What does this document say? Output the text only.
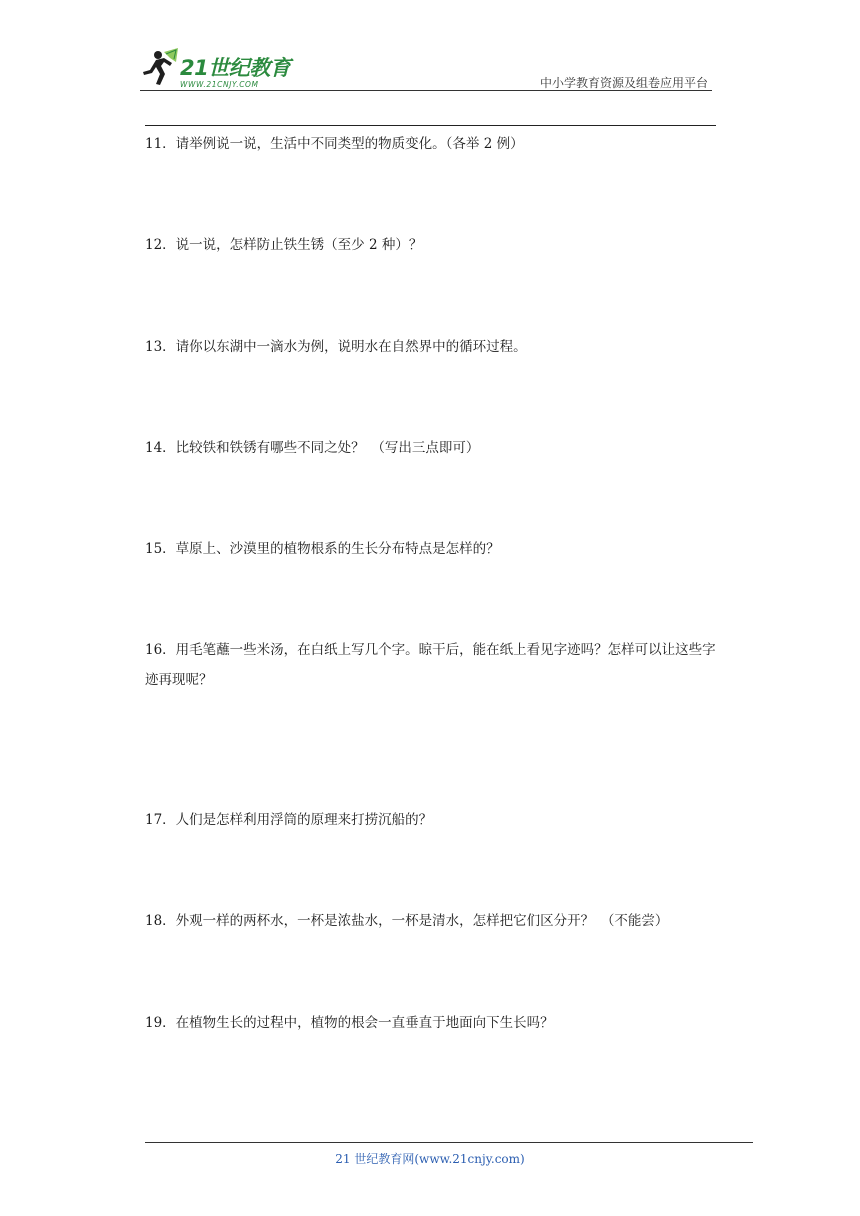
21世纪教育
WWW.21CNJY.COM	中小学教育资源及组卷应用平台
11．请举例说一说，生活中不同类型的物质变化。（各举 2 例）
12．说一说，怎样防止铁生锈（至少 2 种）？
13．请你以东湖中一滴水为例，说明水在自然界中的循环过程。
14．比较铁和铁锈有哪些不同之处？　（写出三点即可）
15．草原上、沙漠里的植物根系的生长分布特点是怎样的？
16．用毛笔蘸一些米汤，在白纸上写几个字。晾干后，能在纸上看见字迹吗？怎样可以让这些字迹再现呢？
17．人们是怎样利用浮筒的原理来打捞沉船的？
18．外观一样的两杯水，一杯是浓盐水，一杯是清水，怎样把它们区分开？　（不能尝）
19．在植物生长的过程中，植物的根会一直垂直于地面向下生长吗？
21 世纪教育网(www.21cnjy.com)
